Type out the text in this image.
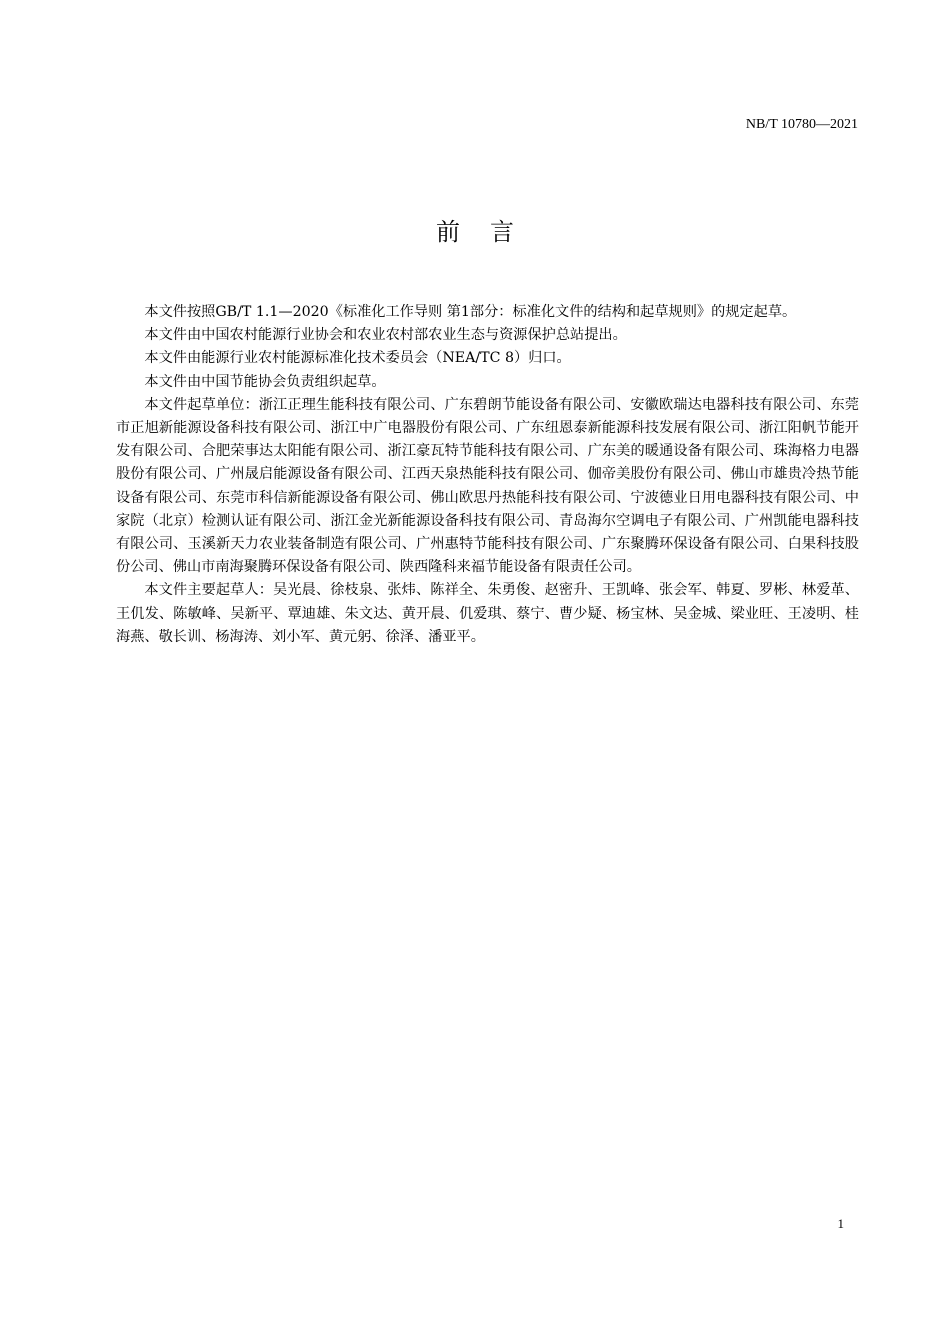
NB/T 10780—2021
前言

本文件按照GB/T 1.1—2020《标准化工作导则 第1部分：标准化文件的结构和起草规则》的规定起草。

本文件由中国农村能源行业协会和农业农村部农业生态与资源保护总站提出。

本文件由能源行业农村能源标准化技术委员会（NEA/TC 8）归口。

本文件由中国节能协会负责组织起草。

本文件起草单位：浙江正理生能科技有限公司、广东碧朗节能设备有限公司、安徽欧瑞达电器科技有限公司、东莞市正旭新能源设备科技有限公司、浙江中广电器股份有限公司、广东纽恩泰新能源科技发展有限公司、浙江阳帆节能开发有限公司、合肥荣事达太阳能有限公司、浙江豪瓦特节能科技有限公司、广东美的暖通设备有限公司、珠海格力电器股份有限公司、广州晟启能源设备有限公司、江西天泉热能科技有限公司、伽帝美股份有限公司、佛山市雄贵冷热节能设备有限公司、东莞市科信新能源设备有限公司、佛山欧思丹热能科技有限公司、宁波德业日用电器科技有限公司、中家院（北京）检测认证有限公司、浙江金光新能源设备科技有限公司、青岛海尔空调电子有限公司、广州凯能电器科技有限公司、玉溪新天力农业装备制造有限公司、广州惠特节能科技有限公司、广东聚腾环保设备有限公司、白果科技股份公司、佛山市南海聚腾环保设备有限公司、陕西隆科来福节能设备有限责任公司。

本文件主要起草人：吴光晨、徐枝泉、张炜、陈祥全、朱勇俊、赵密升、王凯峰、张会军、韩夏、罗彬、林爱革、王仉发、陈敏峰、吴新平、覃迪雄、朱文达、黄开晨、仉爱琪、蔡宁、曹少疑、杨宝林、吴金城、梁业旺、王凌明、桂海燕、敬长训、杨海涛、刘小军、黄元躬、徐泽、潘亚平。

1
